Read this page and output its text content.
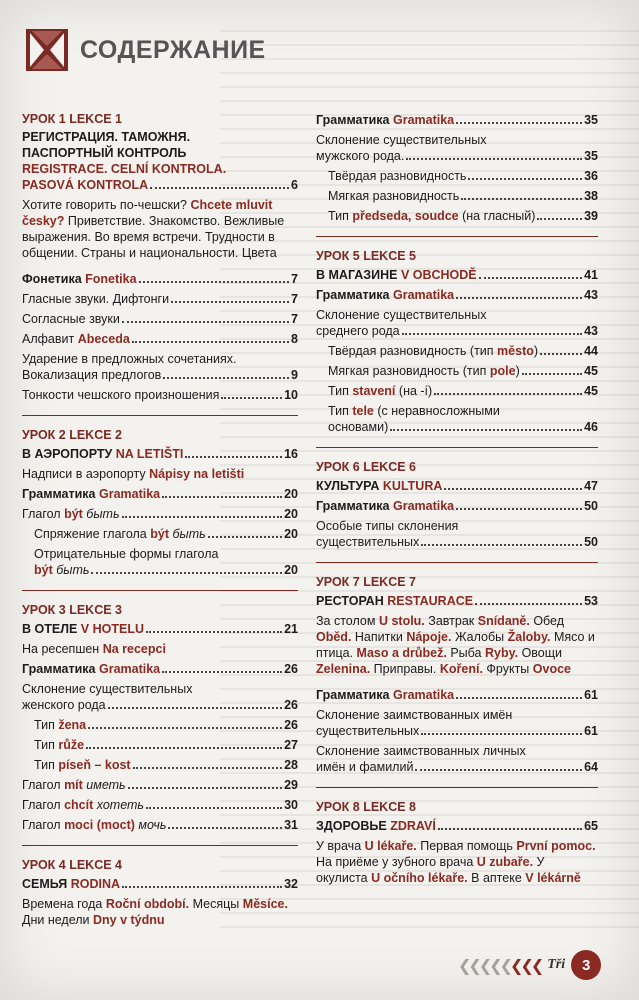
СОДЕРЖАНИЕ
УРОК 1 LEKCE 1
РЕГИСТРАЦИЯ. ТАМОЖНЯ.
ПАСПОРТНЫЙ КОНТРОЛЬ
REGISTRACE. CELNÍ KONTROLA.
PASOVÁ KONTROLA	6
Хотите говорить по-чешски? Chcete mluvit česky? Приветствие. Знакомство. Вежливые выражения. Во время встречи. Трудности в общении. Страны и национальности. Цвета
Фонетика Fonetika	7
Гласные звуки. Дифтонги	7
Согласные звуки	7
Алфавит Abeceda	8
Ударение в предложных сочетаниях.
Вокализация предлогов	9
Тонкости чешского произношения	10
УРОК 2 LEKCE 2
В АЭРОПОРТУ NA LETIŠTI	16
Надписи в аэропорту Nápisy na letišti
Грамматика Gramatika	20
Глагол být быть	20
Спряжение глагола být быть	20
Отрицательные формы глагола
být быть	20
УРОК 3 LEKCE 3
В ОТЕЛЕ V HOTELU	21
На ресепшен Na recepci
Грамматика Gramatika	26
Склонение существительных
женского рода	26
Тип žena	26
Тип růže	27
Тип píseň – kost	28
Глагол mít иметь	29
Глагол chcít хотеть	30
Глагол moci (moct) мочь	31
УРОК 4 LEKCE 4
СЕМЬЯ RODINA	32
Времена года Roční období. Месяцы Měsíce. Дни недели Dny v týdnu
Грамматика Gramatika	35
Склонение существительных
мужского рода.	35
Твёрдая разновидность	36
Мягкая разновидность	38
Тип předseda, soudce (на гласный)	39
УРОК 5 LEKCE 5
В МАГАЗИНЕ V OBCHODĚ	41
Грамматика Gramatika	43
Склонение существительных
среднего рода	43
Твёрдая разновидность (тип město)	44
Мягкая разновидность (тип pole)	45
Тип stavení (на -í)	45
Тип tele (с неравносложными
основами)	46
УРОК 6 LEKCE 6
КУЛЬТУРА KULTURA	47
Грамматика Gramatika	50
Особые типы склонения
существительных	50
УРОК 7 LEKCE 7
РЕСТОРАН RESTAURACE	53
За столом U stolu. Завтрак Snídaně. Обед Oběd. Напитки Nápoje. Жалобы Žaloby. Мясо и птица. Maso a drůbež. Рыба Ryby. Овощи Zelenina. Приправы. Koření. Фрукты Ovoce
Грамматика Gramatika	61
Склонение заимствованных имён
существительных	61
Склонение заимствованных личных
имён и фамилий	64
УРОК 8 LEKCE 8
ЗДОРОВЬЕ ZDRAVÍ	65
У врача U lékaře. Первая помощь První pomoc. На приёме у зубного врача U zubaře. У окулиста U očního lékaře. В аптеке V lékárně
❮❮❮❮❮❮❮❮ Tři	3
